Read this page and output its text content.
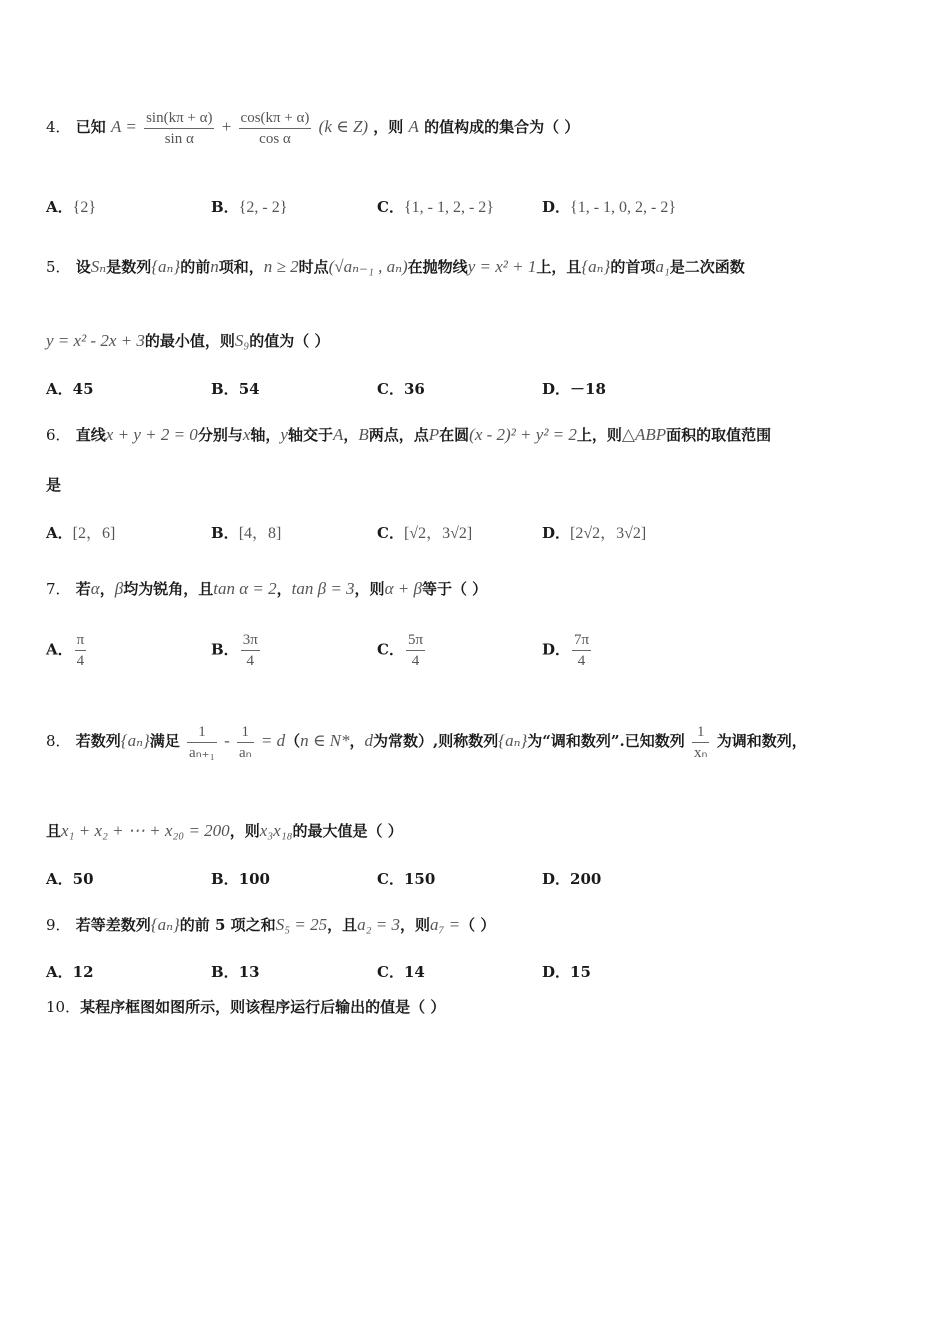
4． 已知 $A = \frac{\sin(k\pi + \alpha)}{\text{sin α}} + \frac{\cos(k\pi + \alpha)}{\text{cos α}} (k$ ∈ Z) ，则 A 的值构成的集合为（ ）
A．{2}	B．{2, - 2}	C．{1, - 1, 2, - 2}	D．{1, - 1, 0, 2, - 2}
5． 设Sₙ是数列{aₙ}的前n项和，n ≥ 2时点(√aₙ₋₁ , aₙ)在抛物线y = x² + 1上，且{aₙ}的首项a₁是二次函数
y = x² - 2x + 3的最小值，则S₉的值为（ ）
A．45	B．54	C．36	D．－18
6． 直线x + y + 2 = 0分别与x轴，y轴交于A，B两点，点P在圆(x - 2)² + y² = 2上，则△ABP面积的取值范围
是
A．[2，6]	B．[4，8]	C．[√2，3√2]	D．[2√2，3√2]
7． 若α，β均为锐角，且tan α = 2，tan β = 3，则α + β等于（ ）
A． $\frac{\pi}{4}$	B． $\frac{3\pi}{4}$	C． $\frac{5\pi}{4}$	D． $\frac{7\pi}{4}$
8． 若数列{aₙ}满足 $\frac{1}{\text{aₙ₊₁}} - \frac{1}{\text{aₙ}} = d(n$ ∈ N*，d为常数）,则称数列{aₙ}为“调和数列”.已知数列 $\frac{1}{\text{xₙ}}$ 为调和数列，
且x₁ + x₂ + ⋯ + x₂₀ = 200，则x₃x₁₈的最大值是（ ）
A．50	B．100	C．150	D．200
9． 若等差数列{aₙ}的前 5 项之和S₅ = 25，且a₂ = 3，则a₇ =（ ）
A．12	B．13	C．14	D．15
10．某程序框图如图所示，则该程序运行后输出的值是（ ）
